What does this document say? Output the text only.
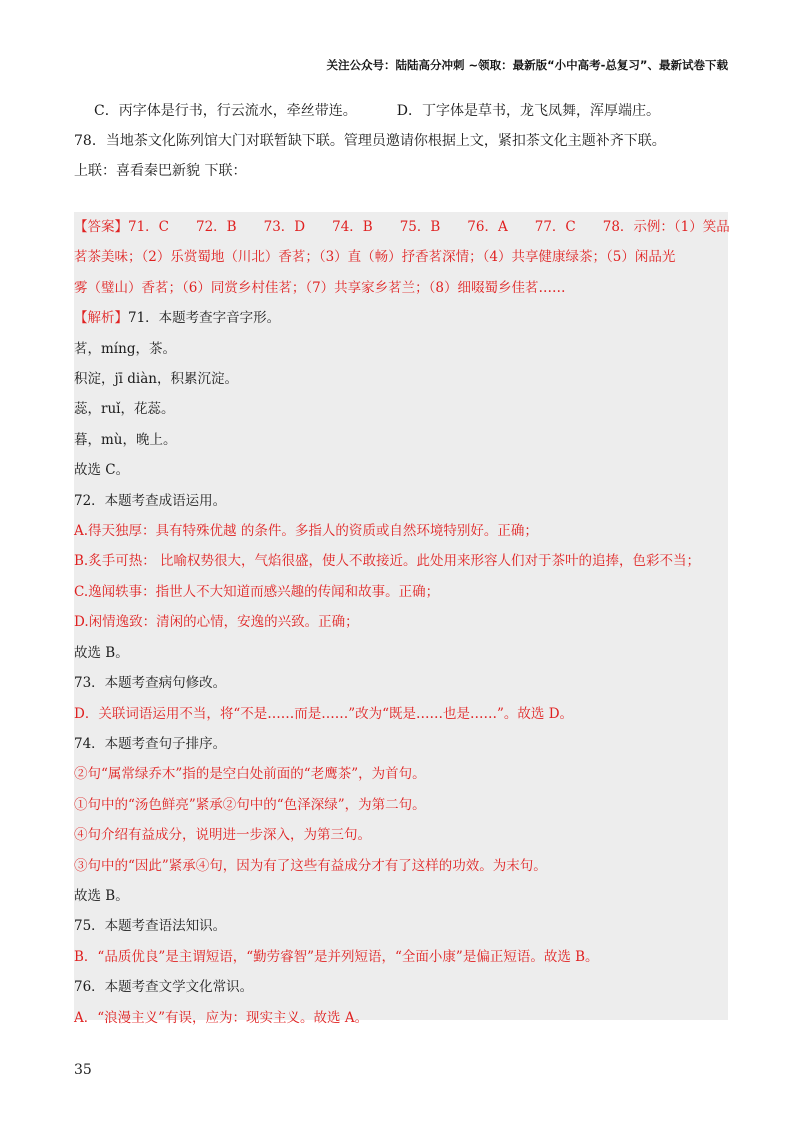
关注公众号：陆陆高分冲刺 ~领取：最新版“小中高考-总复习”、最新试卷下载
C．丙字体是行书，行云流水，牵丝带连。	D．丁字体是草书，龙飞凤舞，浑厚端庄。
78．当地茶文化陈列馆大门对联暂缺下联。管理员邀请你根据上文，紧扣茶文化主题补齐下联。
上联：喜看秦巴新貌 下联：
【答案】71．C　　72．B　　73．D　　74．B　　75．B　　76．A　　77．C　　78．示例：（1）笑品
茗茶美味；（2）乐赏蜀地（川北）香茗；（3）直（畅）抒香茗深情；（4）共享健康绿茶；（5）闲品光
雾（璧山）香茗；（6）同赏乡村佳茗；（7）共享家乡茗兰；（8）细啜蜀乡佳茗……
【解析】71．本题考查字音字形。
茗，míng，茶。
积淀，jī diàn，积累沉淀。
蕊，ruǐ，花蕊。
暮，mù，晚上。
故选 C。
72．本题考查成语运用。
A.得天独厚：具有特殊优越 的条件。多指人的资质或自然环境特别好。正确；
B.炙手可热： 比喻权势很大，气焰很盛，使人不敢接近。此处用来形容人们对于茶叶的追捧，色彩不当；
C.逸闻轶事：指世人不大知道而感兴趣的传闻和故事。正确；
D.闲情逸致：清闲的心情，安逸的兴致。正确；
故选 B。
73．本题考查病句修改。
D．关联词语运用不当，将“不是……而是……”改为“既是……也是……”。故选 D。
74．本题考查句子排序。
②句“属常绿乔木”指的是空白处前面的“老鹰茶”，为首句。
①句中的“汤色鲜亮”紧承②句中的“色泽深绿”，为第二句。
④句介绍有益成分，说明进一步深入，为第三句。
③句中的“因此”紧承④句，因为有了这些有益成分才有了这样的功效。为末句。
故选 B。
75．本题考查语法知识。
B．“品质优良”是主谓短语，“勤劳睿智”是并列短语，“全面小康”是偏正短语。故选 B。
76．本题考查文学文化常识。
A．“浪漫主义”有误，应为：现实主义。故选 A。
35
